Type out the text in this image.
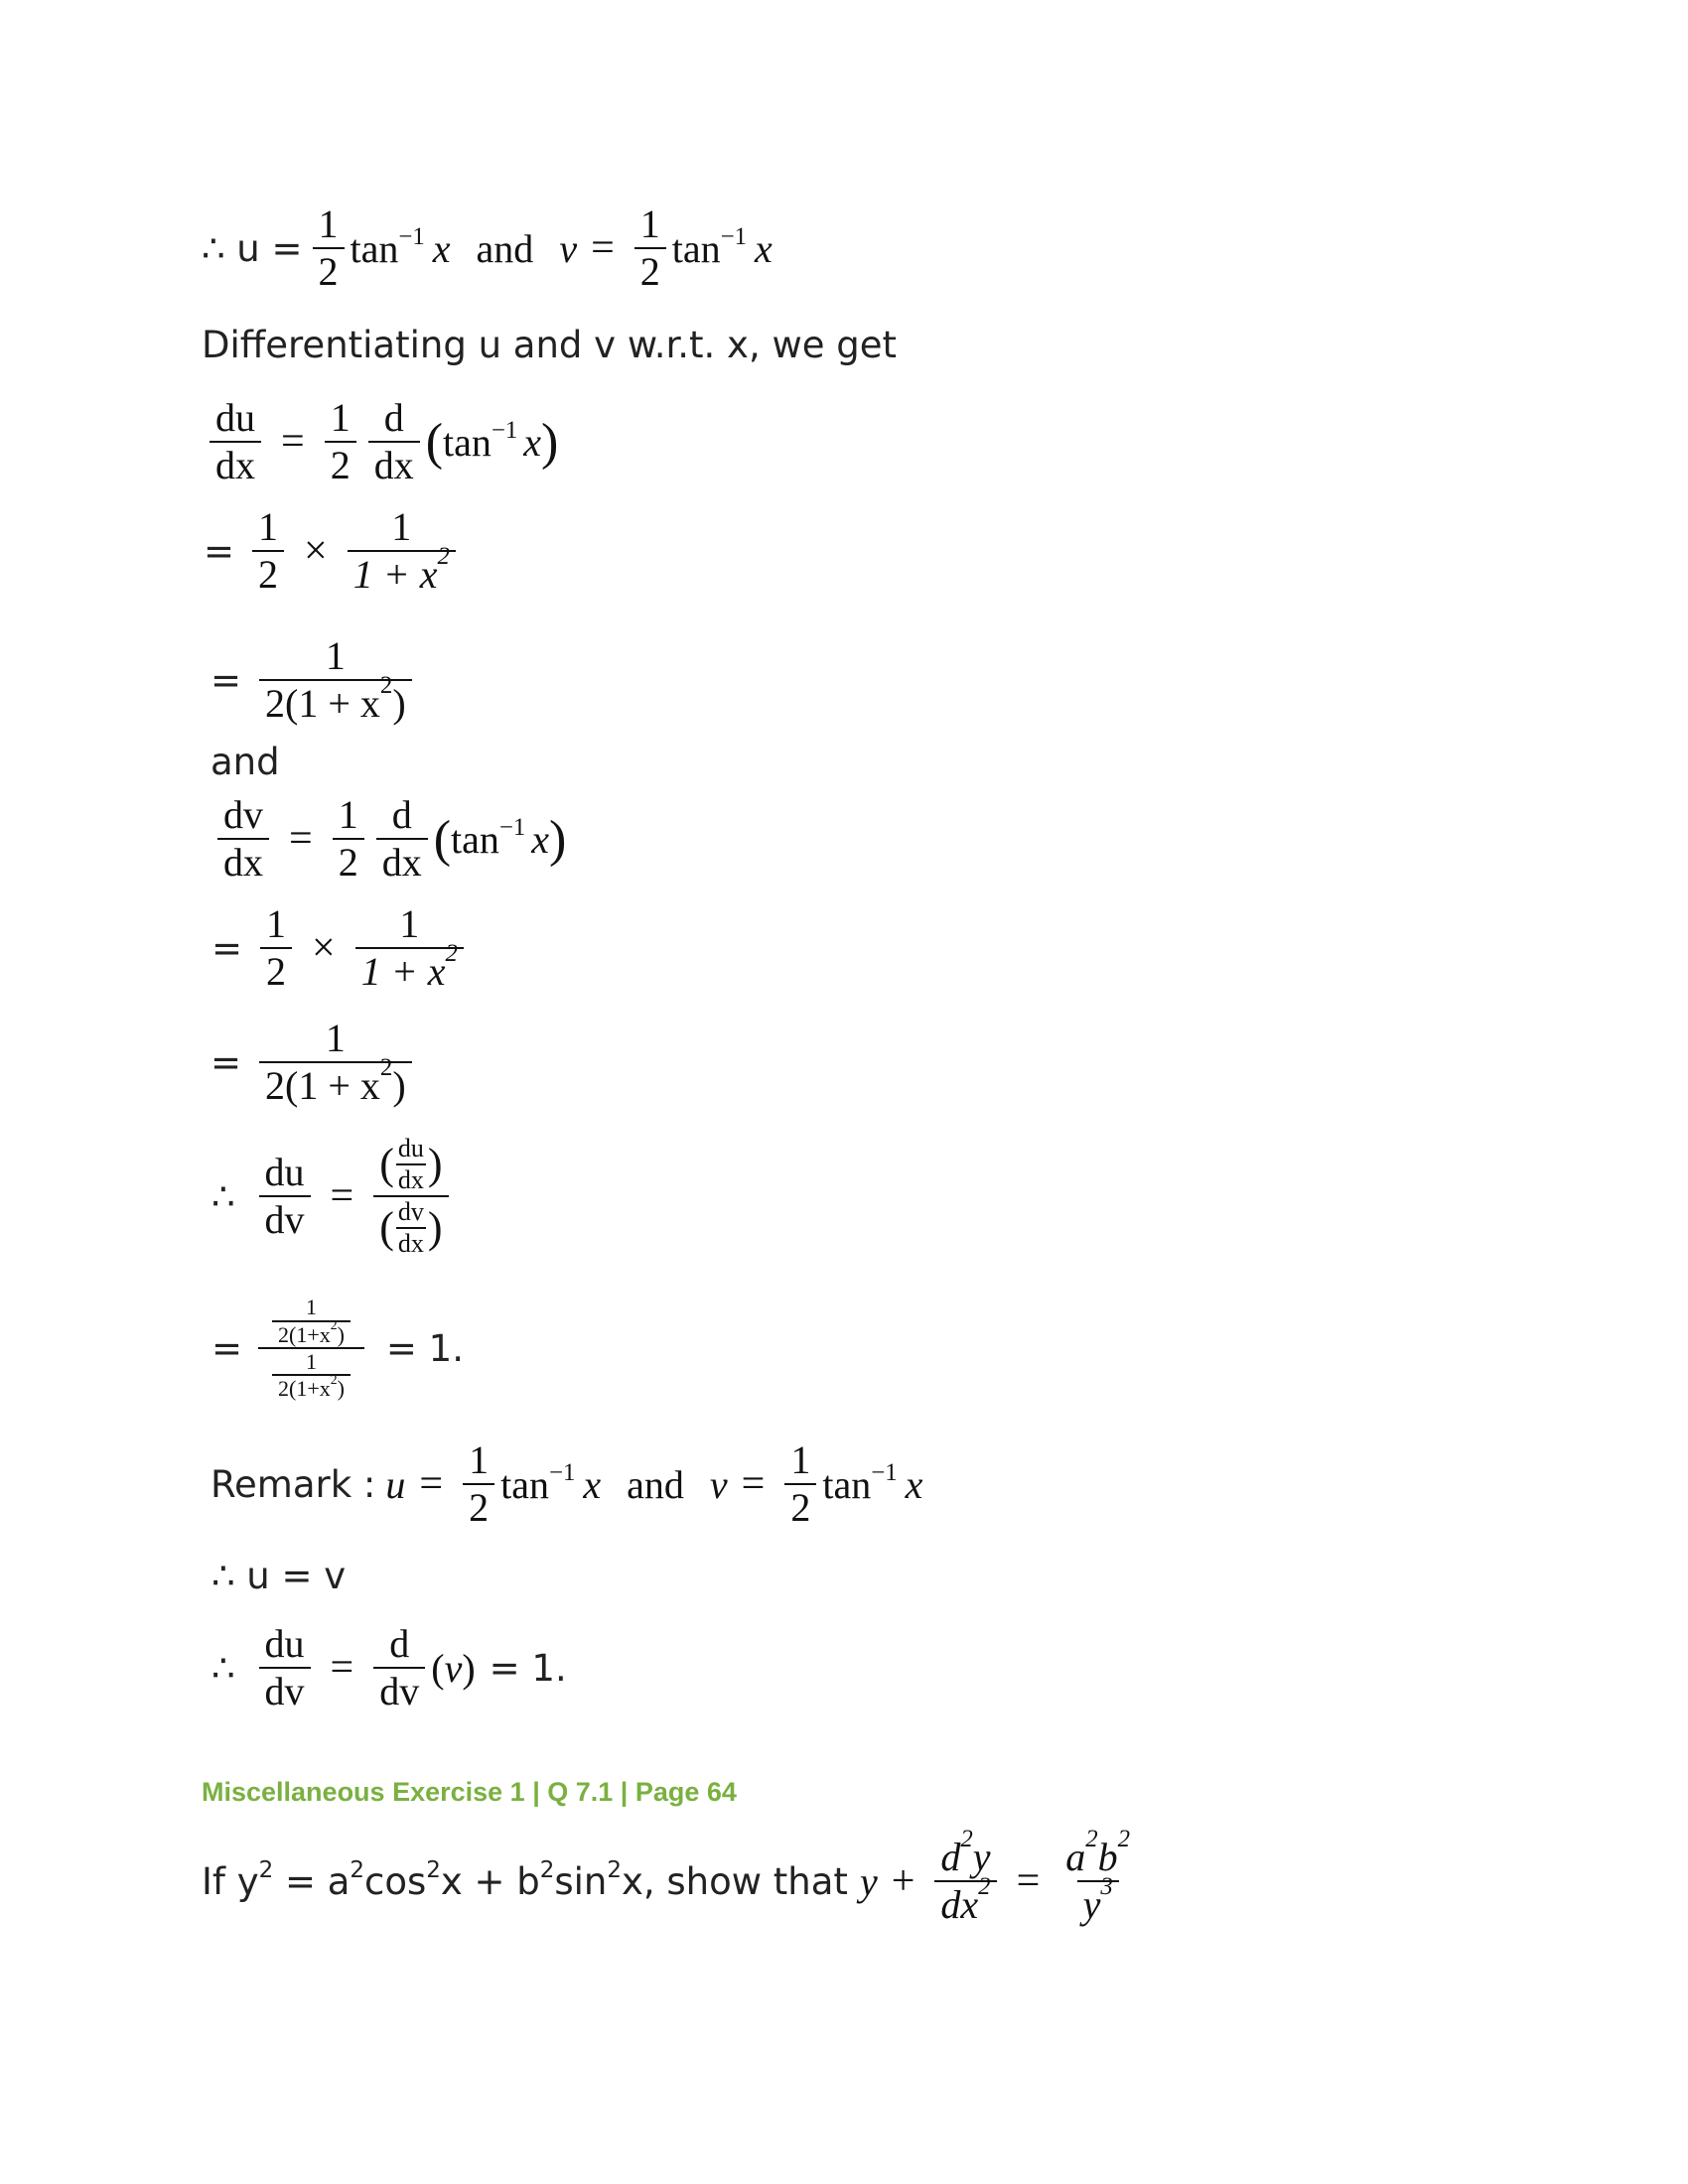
∴ $u = \frac{1}{2}$ tan $^{-1}$ x and $v = \frac{1}{2}$ tan $^{-1}$ x
Differentiating u and v w.r.t. x, we get
$\frac{du}{dx} = \frac{1}{2} \frac{d}{dx}$ ( tan $^{-1}$ x )
= $\frac{1}{2} \times \frac{1}{1 + x 2}$
= $\frac{1}{2(1 + x 2 )}$
and
$\frac{dv}{dx} = \frac{1}{2} \frac{d}{dx}$ ( tan $^{-1}$ x )
= $\frac{1}{2} \times \frac{1}{1 + x 2}$
= $\frac{1}{2(1 + x 2 )}$
∴ $\frac{du}{dv} = \frac{( \frac{du}{dx} )}{( \frac{dv}{dx} )}$
= $\frac{\frac{1}{2(1+x 2 )}}{\frac{1}{2(1+x 2 )}} = 1$.
Remark : $u = \frac{1}{2}$ tan $^{-1}$ x and $v = \frac{1}{2}$ tan $^{-1}$ x
∴ u = v
∴ $\frac{du}{dv} = \frac{d}{dv}$ ( v ) = 1.
Miscellaneous Exercise 1 | Q 7.1 | Page 64
If y $^2$ = a $^2$ cos $^2$ x + b $^2$ sin $^2$ x, show that $y + \frac{d 2 y}{dx 2} = \frac{a 2 b 2}{y 3}$
